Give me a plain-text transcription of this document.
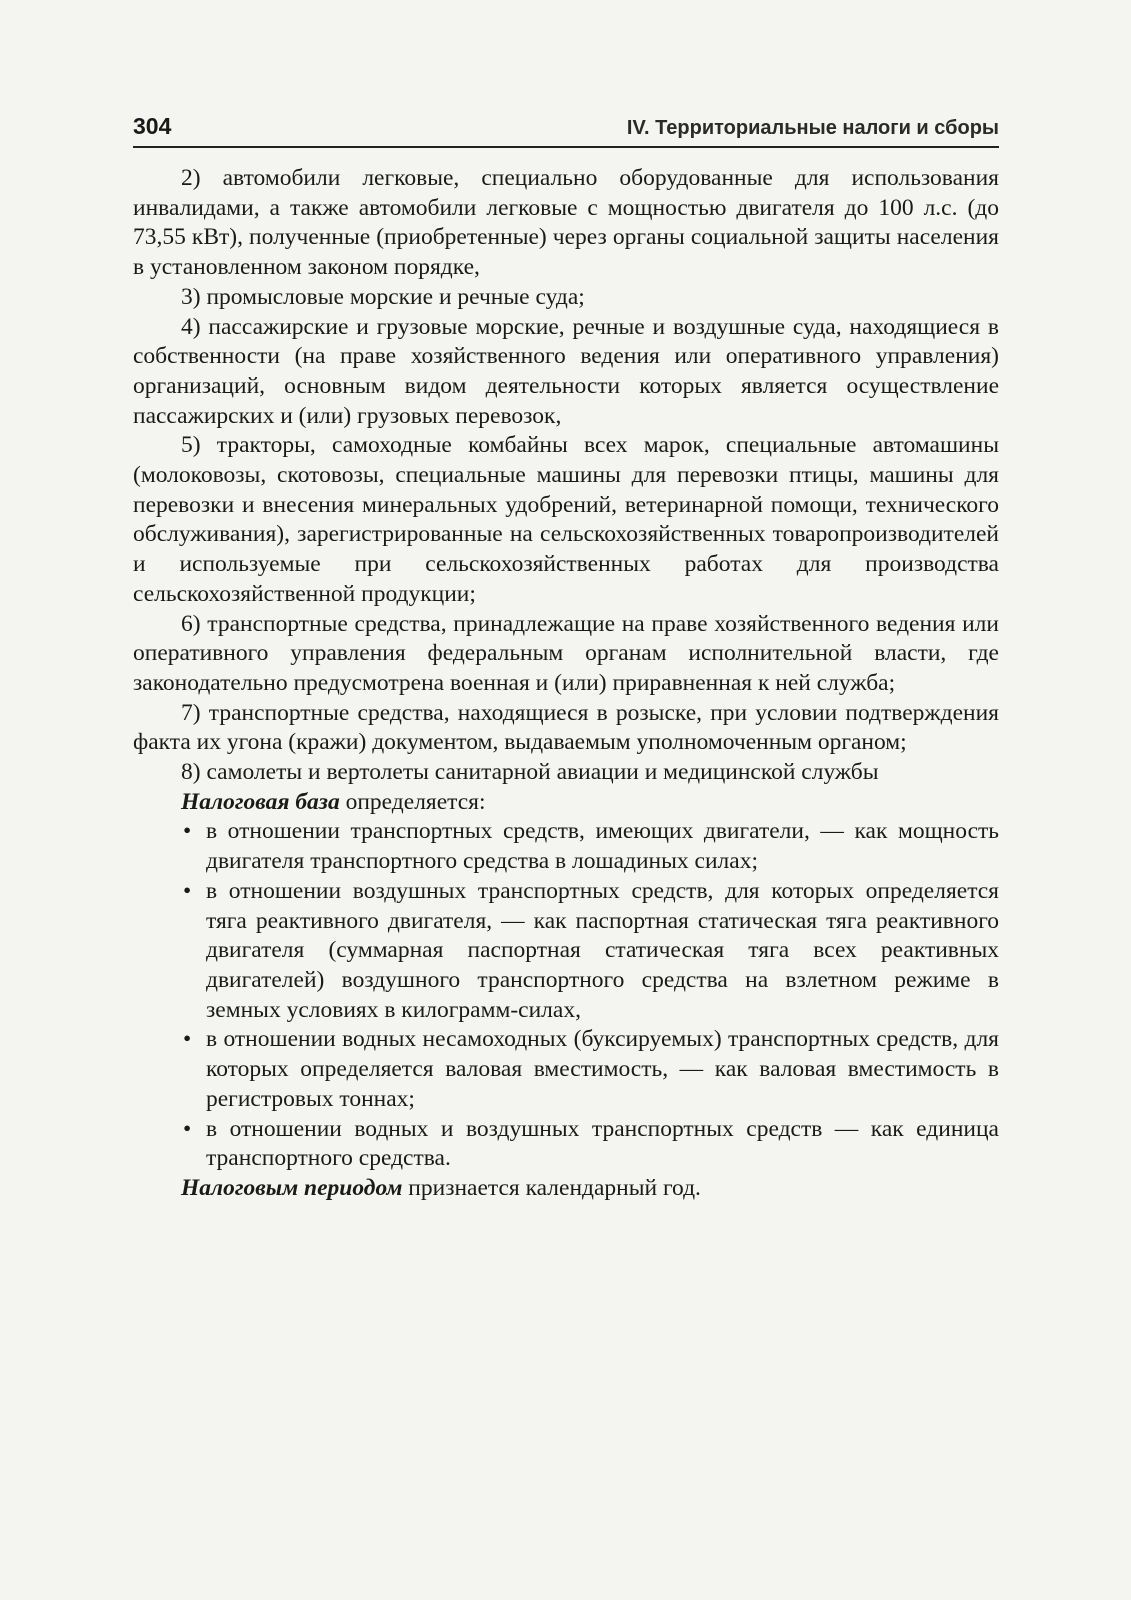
304	IV. Территориальные налоги и сборы

2) автомобили легковые, специально оборудованные для использования инвалидами, а также автомобили легковые с мощностью двигателя до 100 л.с. (до 73,55 кВт), полученные (приобретенные) через органы социальной защиты населения в установленном законом порядке,

3) промысловые морские и речные суда;

4) пассажирские и грузовые морские, речные и воздушные суда, находящиеся в собственности (на праве хозяйственного ведения или оперативного управления) организаций, основным видом деятельности которых является осуществление пассажирских и (или) грузовых перевозок,

5) тракторы, самоходные комбайны всех марок, специальные автомашины (молоковозы, скотовозы, специальные машины для перевозки птицы, машины для перевозки и внесения минеральных удобрений, ветеринарной помощи, технического обслуживания), зарегистрированные на сельскохозяйственных товаропроизводителей и используемые при сельскохозяйственных работах для производства сельскохозяйственной продукции;

6) транспортные средства, принадлежащие на праве хозяйственного ведения или оперативного управления федеральным органам исполнительной власти, где законодательно предусмотрена военная и (или) приравненная к ней служба;

7) транспортные средства, находящиеся в розыске, при условии подтверждения факта их угона (кражи) документом, выдаваемым уполномоченным органом;

8) самолеты и вертолеты санитарной авиации и медицинской службы

Налоговая база определяется:

• в отношении транспортных средств, имеющих двигатели, — как мощность двигателя транспортного средства в лошадиных силах;
• в отношении воздушных транспортных средств, для которых определяется тяга реактивного двигателя, — как паспортная статическая тяга реактивного двигателя (суммарная паспортная статическая тяга всех реактивных двигателей) воздушного транспортного средства на взлетном режиме в земных условиях в килограмм-силах,
• в отношении водных несамоходных (буксируемых) транспортных средств, для которых определяется валовая вместимость, — как валовая вместимость в регистровых тоннах;
• в отношении водных и воздушных транспортных средств — как единица транспортного средства.

Налоговым периодом признается календарный год.
